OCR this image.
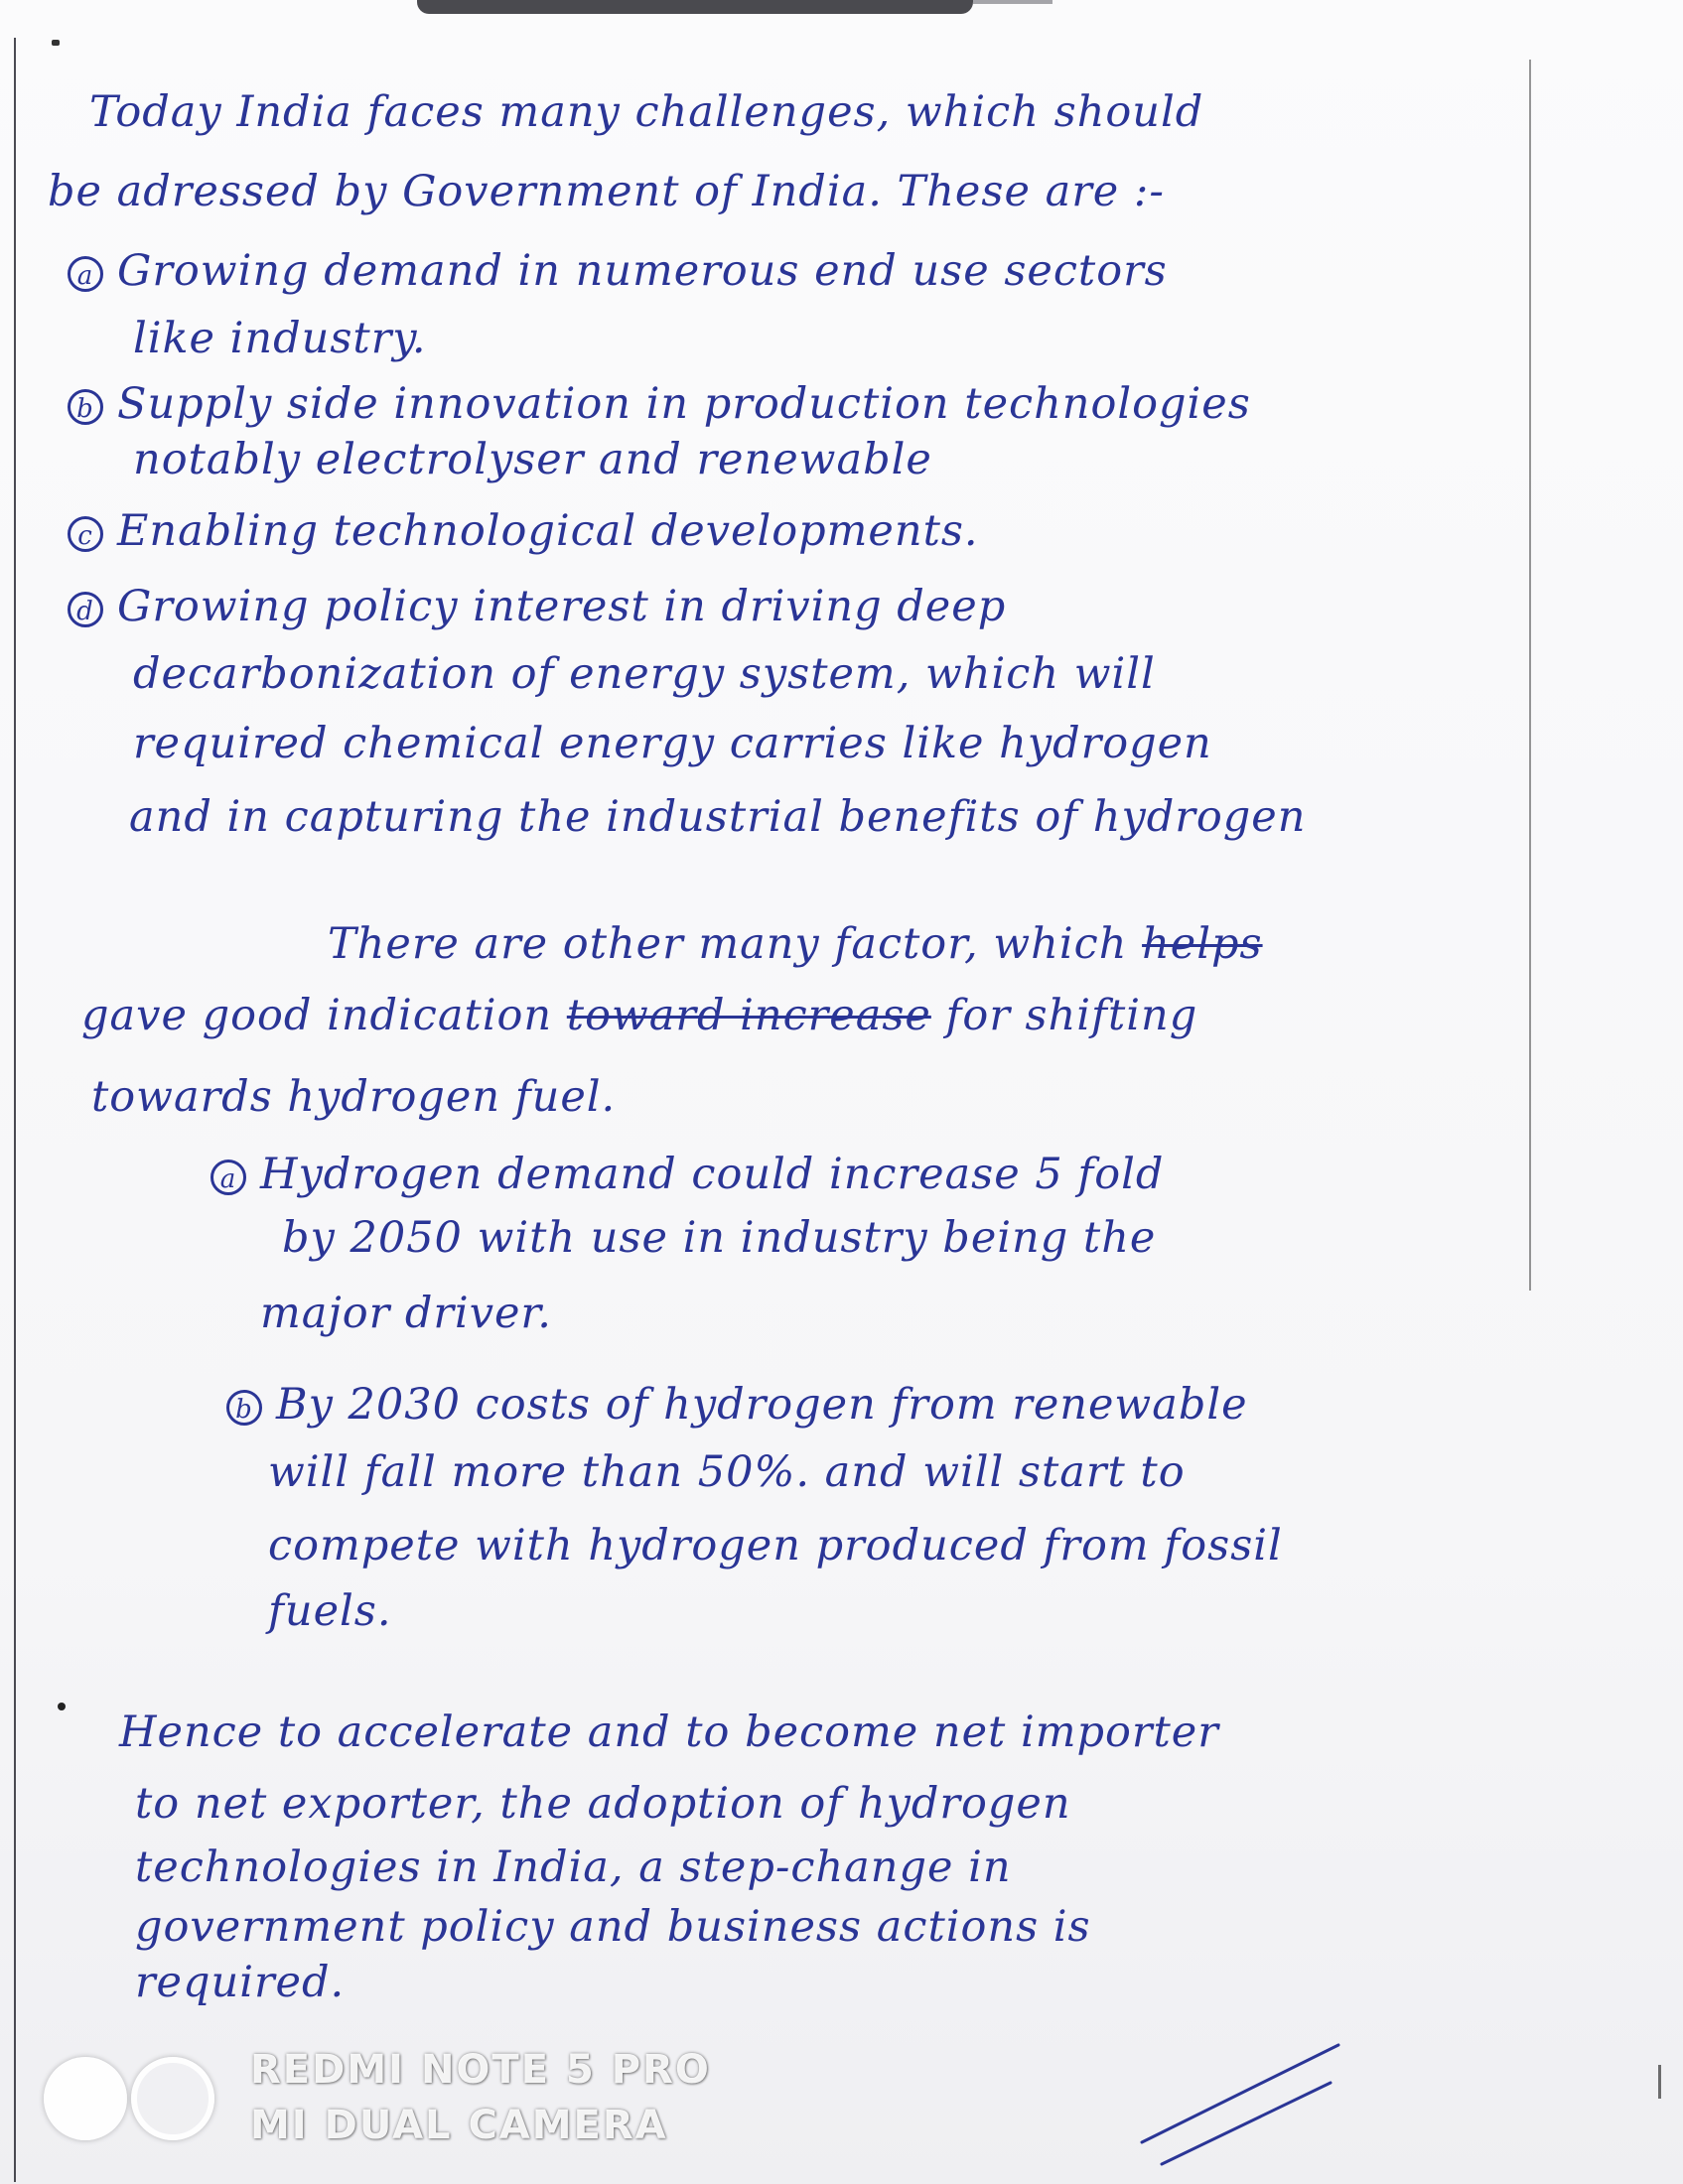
Today India faces many challenges, which should

be adressed by Government of India. These are :-

a Growing demand in numerous end use sectors

like industry.

b Supply side innovation in production technologies

notably electrolyser and renewable

c Enabling technological developments.

d Growing policy interest in driving deep

decarbonization of energy system, which will

required chemical energy carries like hydrogen

and in capturing the industrial benefits of hydrogen

There are other many factor, which helps

gave good indication toward increase for shifting

towards hydrogen fuel.

a Hydrogen demand could increase 5 fold

by 2050 with use in industry being the

major driver.

b By 2030 costs of hydrogen from renewable

will fall more than 50%. and will start to

compete with hydrogen produced from fossil

fuels.

Hence to accelerate and to become net importer

to net exporter, the adoption of hydrogen

technologies in India, a step-change in

government policy and business actions is

required.

REDMI NOTE 5 PRO

MI DUAL CAMERA
